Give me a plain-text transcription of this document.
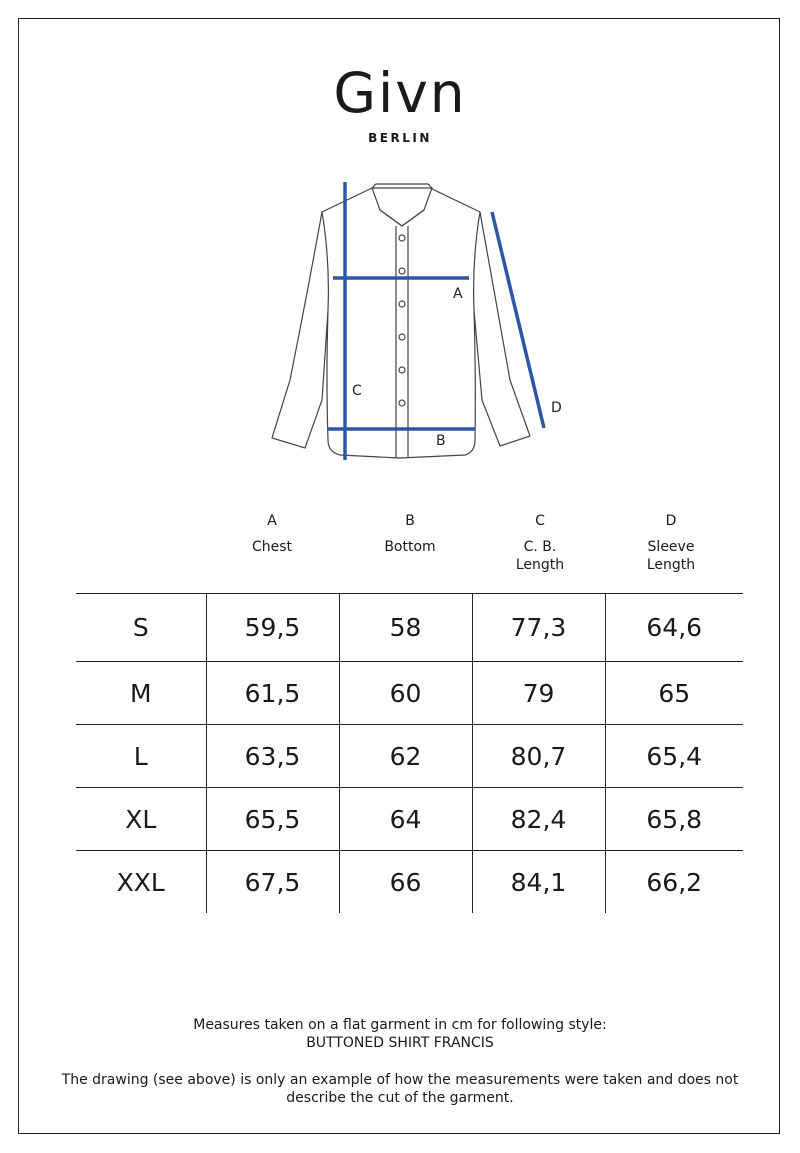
Givn
BERLIN
A
B
C
D
A
Chest
B
Bottom
C
C. B. Length
D
Sleeve Length
S	59,5	58	77,3	64,6
M	61,5	60	79	65
L	63,5	62	80,7	65,4
XL	65,5	64	82,4	65,8
XXL	67,5	66	84,1	66,2
Measures taken on a flat garment in cm for following style:
BUTTONED SHIRT FRANCIS
The drawing (see above) is only an example of how the measurements were taken and does not describe the cut of the garment.
